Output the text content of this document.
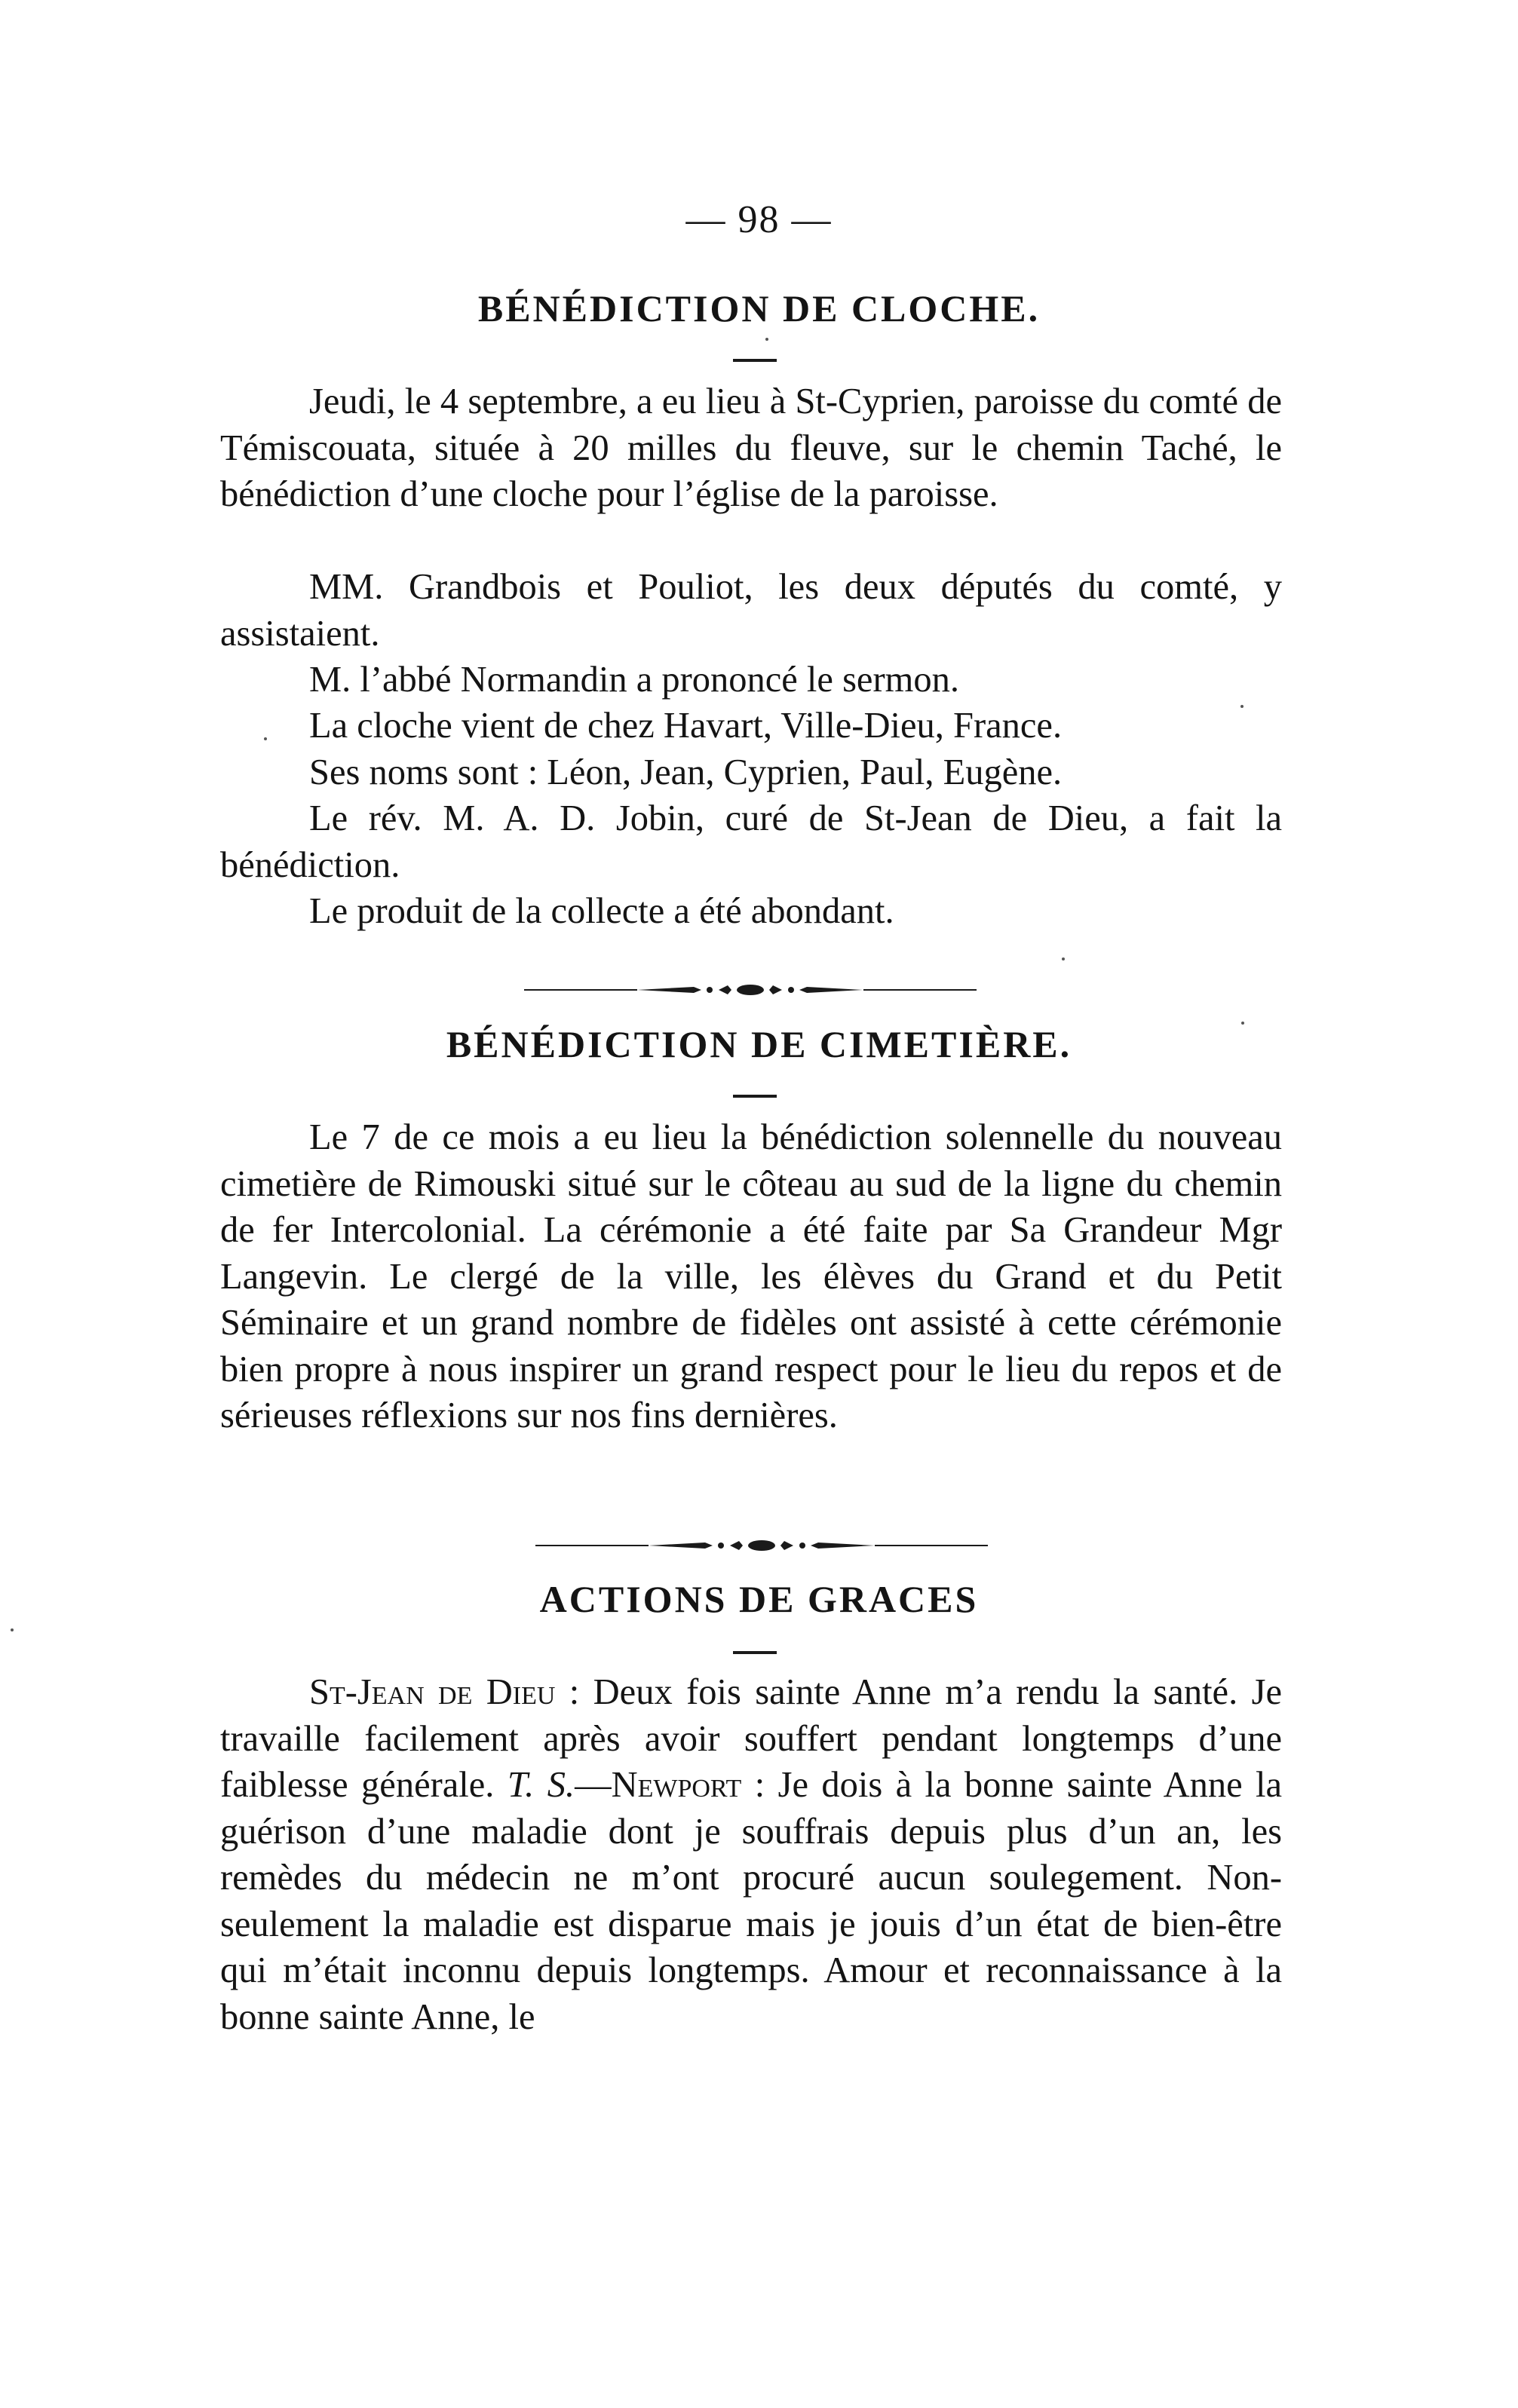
— 98 —
BÉNÉDICTION DE CLOCHE.

Jeudi, le 4 septembre, a eu lieu à St-Cyprien, paroisse du comté de Témiscouata, située à 20 milles du fleuve, sur le chemin Taché, le bénédiction d’une cloche pour l’église de la paroisse.

MM. Grandbois et Pouliot, les deux députés du comté, y assistaient.

M. l’abbé Normandin a prononcé le sermon.

La cloche vient de chez Havart, Ville-Dieu, France.

Ses noms sont : Léon, Jean, Cyprien, Paul, Eugène.

Le rév. M. A. D. Jobin, curé de St-Jean de Dieu, a fait la bénédiction.

Le produit de la collecte a été abondant.

BÉNÉDICTION DE CIMETIÈRE.

Le 7 de ce mois a eu lieu la bénédiction solennelle du nouveau cimetière de Rimouski situé sur le côteau au sud de la ligne du chemin de fer Intercolonial. La cérémonie a été faite par Sa Grandeur Mgr Langevin. Le clergé de la ville, les élèves du Grand et du Petit Séminaire et un grand nombre de fidèles ont assisté à cette cérémonie bien propre à nous inspirer un grand respect pour le lieu du repos et de sérieuses réflexions sur nos fins dernières.

ACTIONS DE GRACES

St-Jean de Dieu : Deux fois sainte Anne m’a rendu la santé. Je travaille facilement après avoir souffert pendant longtemps d’une faiblesse générale. T. S.—Newport : Je dois à la bonne sainte Anne la guérison d’une maladie dont je souffrais depuis plus d’un an, les remèdes du médecin ne m’ont procuré aucun soulegement. Non-seulement la maladie est disparue mais je jouis d’un état de bien-être qui m’était inconnu depuis longtemps. Amour et reconnaissance à la bonne sainte Anne, le
